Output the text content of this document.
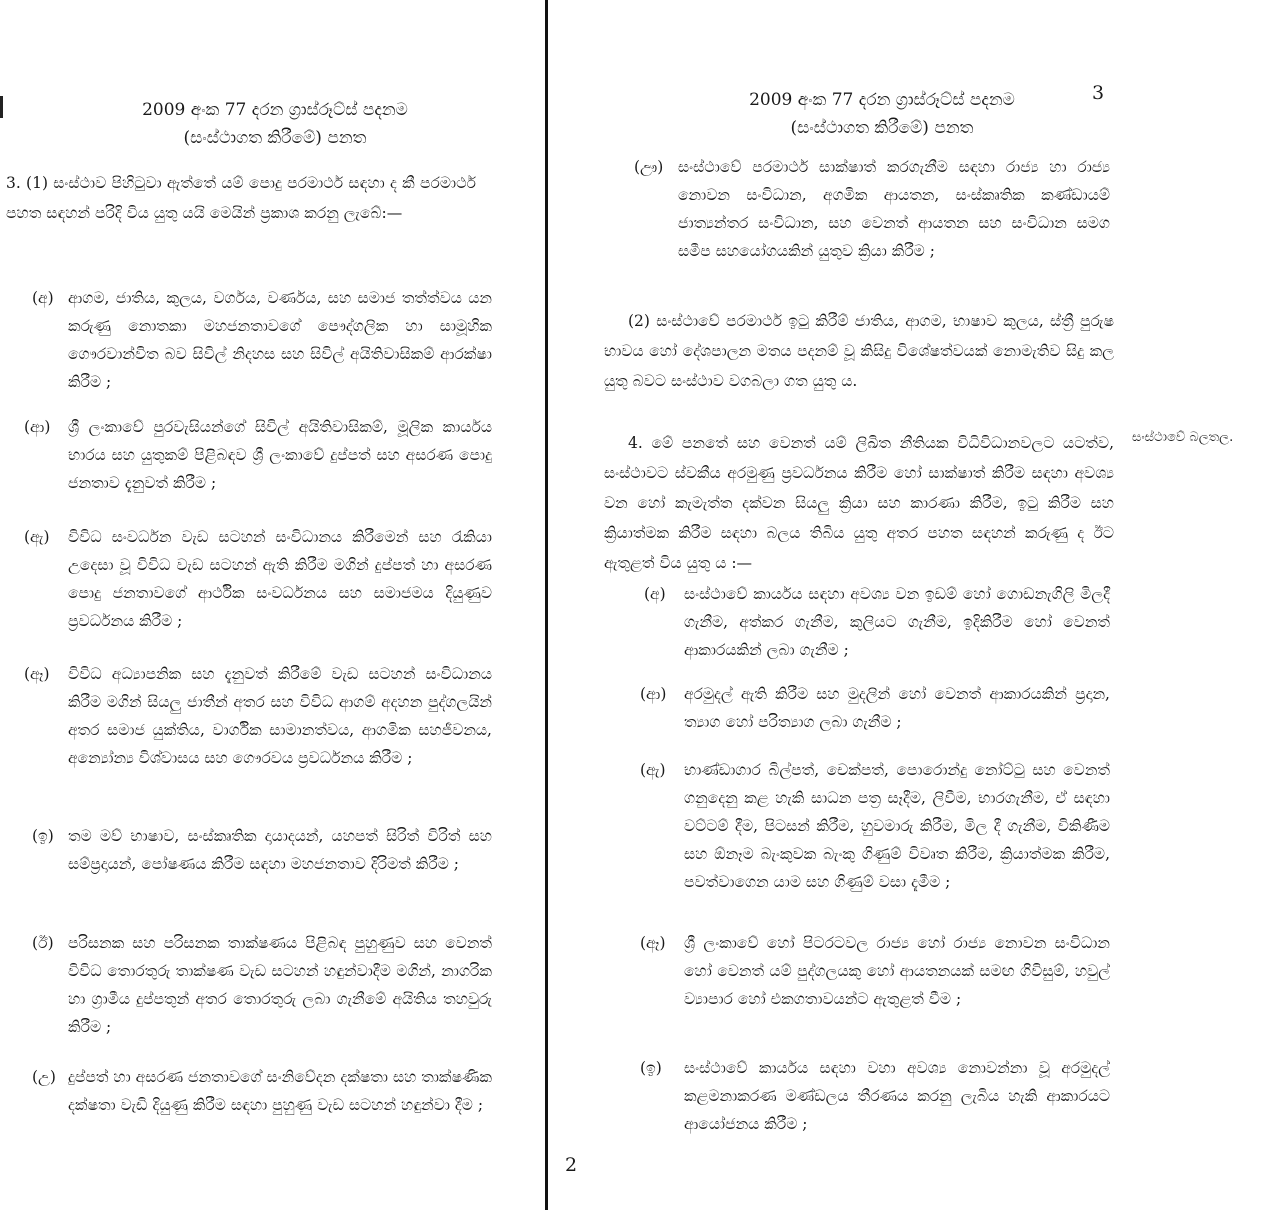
2009 අංක 77 දරන ග්‍රාස්රූට්ස් පදනම
(සංස්ථාගත කිරීමේ) පනත
3. (1) සංස්ථාව පිහිටුවා ඇත්තේ යම් පොදු පරමාර්ථ සඳහා ද කී පරමාර්ථ පහත සඳහන් පරිදි විය යුතු යයි මෙයින් ප්‍රකාශ කරනු ලැබේ:—
(අ) ආගම, ජාතිය, කුලය, වර්ගය, වර්ණය, සහ සමාජ තත්ත්වය යන කරුණු නොතකා මහජනතාවගේ පෞද්ගලික හා සාමූහික ගෞරවාන්විත බව සිවිල් නිදහස සහ සිවිල් අයිතිවාසිකම් ආරක්ෂා කිරීම ;
(ආ) ශ්‍රී ලංකාවේ පුරවැසියන්ගේ සිවිල් අයිතිවාසිකම්, මූලික කාර්යය භාරය සහ යුතුකම් පිළිබඳව ශ්‍රී ලංකාවේ දුප්පත් සහ අසරණ පොදු ජනතාව දැනුවත් කිරීම ;
(ඇ) විවිධ සංවර්ධන වැඩ සටහන් සංවිධානය කිරීමෙන් සහ රැකියා උදෙසා වූ විවිධ වැඩ සටහන් ඇති කිරීම මගින් දුප්පත් හා අසරණ පොදු ජනතාවගේ ආර්ථික සංවර්ධනය සහ සමාජමය දියුණුව ප්‍රවර්ධනය කිරීම ;
(ඈ) විවිධ අධ්‍යාපනික සහ දැනුවත් කිරීමේ වැඩ සටහන් සංවිධානය කිරීම මගින් සියලු ජාතීන් අතර සහ විවිධ ආගම් අදහන පුද්ගලයින් අතර සමාජ යුක්තිය, වාර්ගික සාමානත්වය, ආගමික සහජීවනය, අන්‍යෝන්‍ය විශ්වාසය සහ ගෞරවය ප්‍රවර්ධනය කිරීම ;
(ඉ) තම මව් භාෂාව, සංස්කෘතික දායාදයන්, යහපත් සිරිත් විරිත් සහ සම්ප්‍රදායන්, පෝෂණය කිරීම සඳහා මහජනතාව දිරිමත් කිරීම ;
(ඊ) පරිසනක සහ පරිසනක තාක්ෂණය පිළිබඳ පුහුණුව සහ වෙනත් විවිධ තොරතුරු තාක්ෂණ වැඩ සටහන් හඳුන්වාදීම මගින්, නාගරික හා ග්‍රාමීය දුප්පතුන් අතර තොරතුරු ලබා ගැනීමේ අයිතිය තහවුරු කිරීම ;
(උ) දුප්පත් හා අසරණ ජනතාවගේ සංනිවේදන දක්ෂතා සහ තාක්ෂණික දක්ෂතා වැඩි දියුණු කිරීම සඳහා පුහුණු වැඩ සටහන් හඳුන්වා දීම ;
2
2009 අංක 77 දරන ග්‍රාස්රූට්ස් පදනම
(සංස්ථාගත කිරීමේ) පනත
3
(ඌ) සංස්ථාවේ පරමාර්ථ සාක්ෂාත් කරගැනීම සඳහා රාජ්‍ය හා රාජ්‍ය නොවන සංවිධාන, අගමික ආයතන, සංස්කෘතික කණ්ඩායම් ජාත්‍යන්තර සංවිධාන, සහ වෙනත් ආයතන සහ සංවිධාන සමග සමීප සහයෝගයකින් යුතුව ක්‍රියා කිරීම ;
(2) සංස්ථාවේ පරමාර්ථ ඉටු කිරීම් ජාතිය, ආගම, භාෂාව කුලය, ස්ත්‍රී පුරුෂ භාවය හෝ දේශපාලන මතය පදනම් වූ කිසිදු විශේෂත්වයක් නොමැතිව සිදු කල යුතු බවට සංස්ථාව වගබලා ගත යුතු ය.
4. මේ පනතේ සහ වෙනත් යම් ලිඛිත නීතියක විධිවිධානවලට යටත්ව, සංස්ථාවට ස්වකීය අරමුණු ප්‍රවර්ධනය කිරීම හෝ සාක්ෂාත් කිරීම සඳහා අවශ්‍ය වන හෝ කැමැත්ත දක්වන සියලු ක්‍රියා සහ කාරණා කිරීම, ඉටු කිරීම සහ ක්‍රියාත්මක කිරීම සඳහා බලය තිබිය යුතු අතර පහත සඳහන් කරුණු ද ඊට ඇතුළත් විය යුතු ය :—
සංස්ථාවේ බලතල.
(අ) සංස්ථාවේ කාර්යය සඳහා අවශ්‍ය වන ඉඩම් හෝ ගොඩනැගිලි මිලදී ගැනීම, අත්කර ගැනීම, කුලියට ගැනීම, ඉදිකිරීම හෝ වෙනත් ආකාරයකින් ලබා ගැනීම ;
(ආ) අරමුදල් ඇති කිරීම සහ මුදලින් හෝ වෙනත් ආකාරයකින් ප්‍රදාන, ත්‍යාග හෝ පරිත්‍යාග ලබා ගැනීම ;
(ඇ) භාණ්ඩාගාර බිල්පත්, චෙක්පත්, පොරොන්දු නෝට්ටු සහ වෙනත් ගනුදෙනු කළ හැකි සාධන පත්‍ර සෑදීම, ලිවීම, භාරගැනීම, ඒ සඳහා වට්ටම් දීම, පිටසන් කිරීම, හුවමාරු කිරීම, මිල දී ගැනීම, විකිණීම සහ ඕනෑම බැංකුවක බැංකු ගිණුම් විවෘත කිරීම, ක්‍රියාත්මක කිරීම, පවත්වාගෙන යාම සහ ගිණුම් වසා දැමීම ;
(ඈ) ශ්‍රී ලංකාවේ හෝ පිටරටවල රාජ්‍ය හෝ රාජ්‍ය නොවන සංවිධාන හෝ වෙනත් යම් පුද්ගලයකු හෝ ආයතනයක් සමඟ ගිවිසුම්, හවුල් ව්‍යාපාර හෝ එකගතාවයන්ට ඇතුළත් වීම ;
(ඉ) සංස්ථාවේ කාර්යය සඳහා වහා අවශ්‍ය නොවන්නා වූ අරමුදල් කළමනාකරණ මණ්ඩලය තීරණය කරනු ලැබිය හැකි ආකාරයට ආයෝජනය කිරීම ;
